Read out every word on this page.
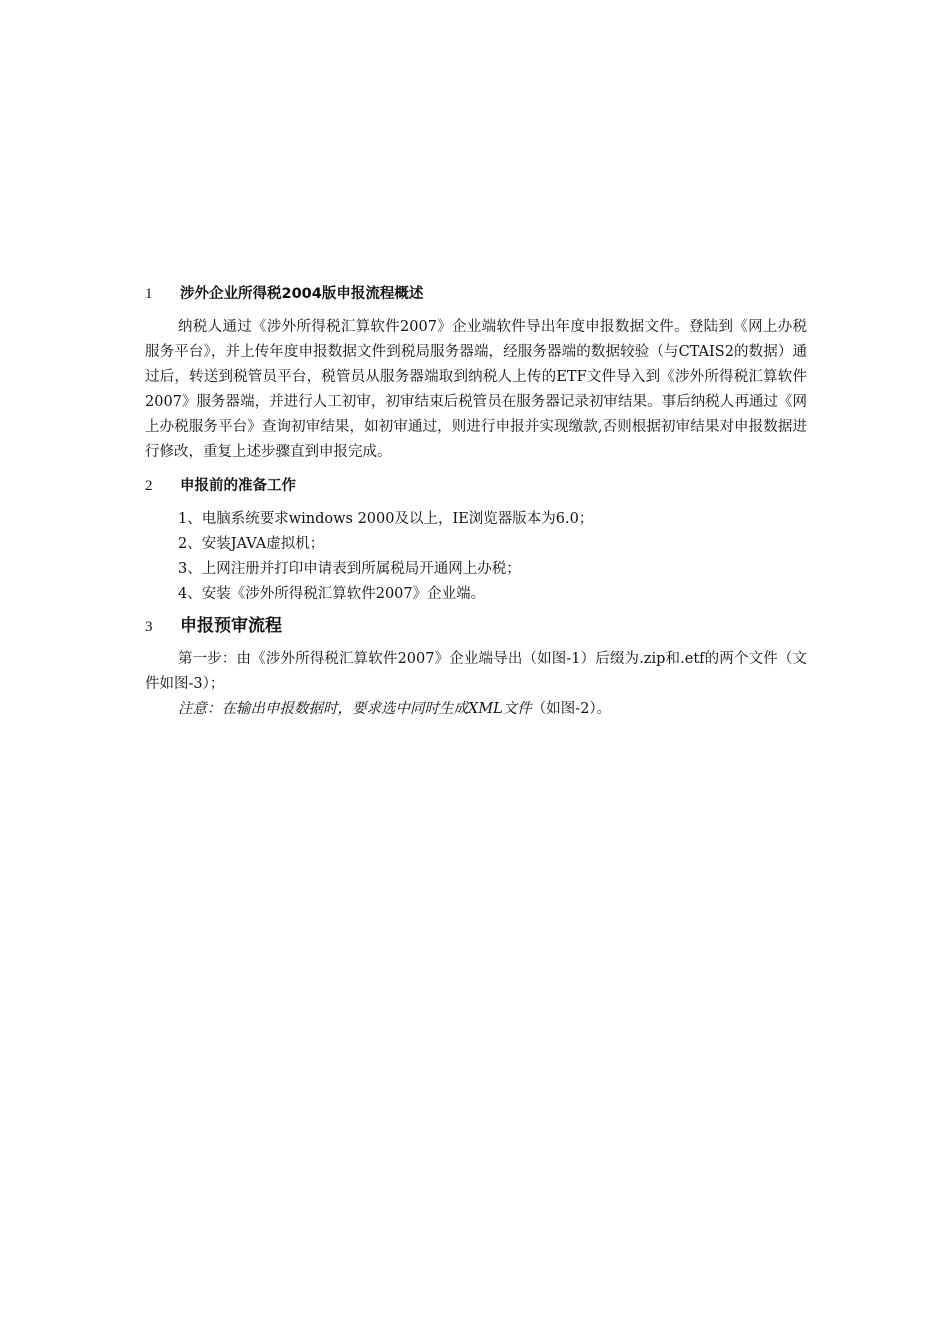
1	涉外企业所得税2004版申报流程概述

纳税人通过《涉外所得税汇算软件2007》企业端软件导出年度申报数据文件。登陆到《网上办税服务平台》，并上传年度申报数据文件到税局服务器端，经服务器端的数据较验（与CTAIS2的数据）通过后，转送到税管员平台，税管员从服务器端取到纳税人上传的ETF文件导入到《涉外所得税汇算软件2007》服务器端，并进行人工初审，初审结束后税管员在服务器记录初审结果。事后纳税人再通过《网上办税服务平台》查询初审结果，如初审通过，则进行申报并实现缴款,否则根据初审结果对申报数据进行修改，重复上述步骤直到申报完成。

2	申报前的准备工作

1、电脑系统要求windows 2000及以上，IE浏览器版本为6.0；

2、安装JAVA虚拟机；

3、上网注册并打印申请表到所属税局开通网上办税；

4、安装《涉外所得税汇算软件2007》企业端。

3	申报预审流程

第一步：由《涉外所得税汇算软件2007》企业端导出（如图-1）后缀为.zip和.etf的两个文件（文件如图-3）；

注意：在输出申报数据时，要求选中同时生成XML文件（如图-2）。
